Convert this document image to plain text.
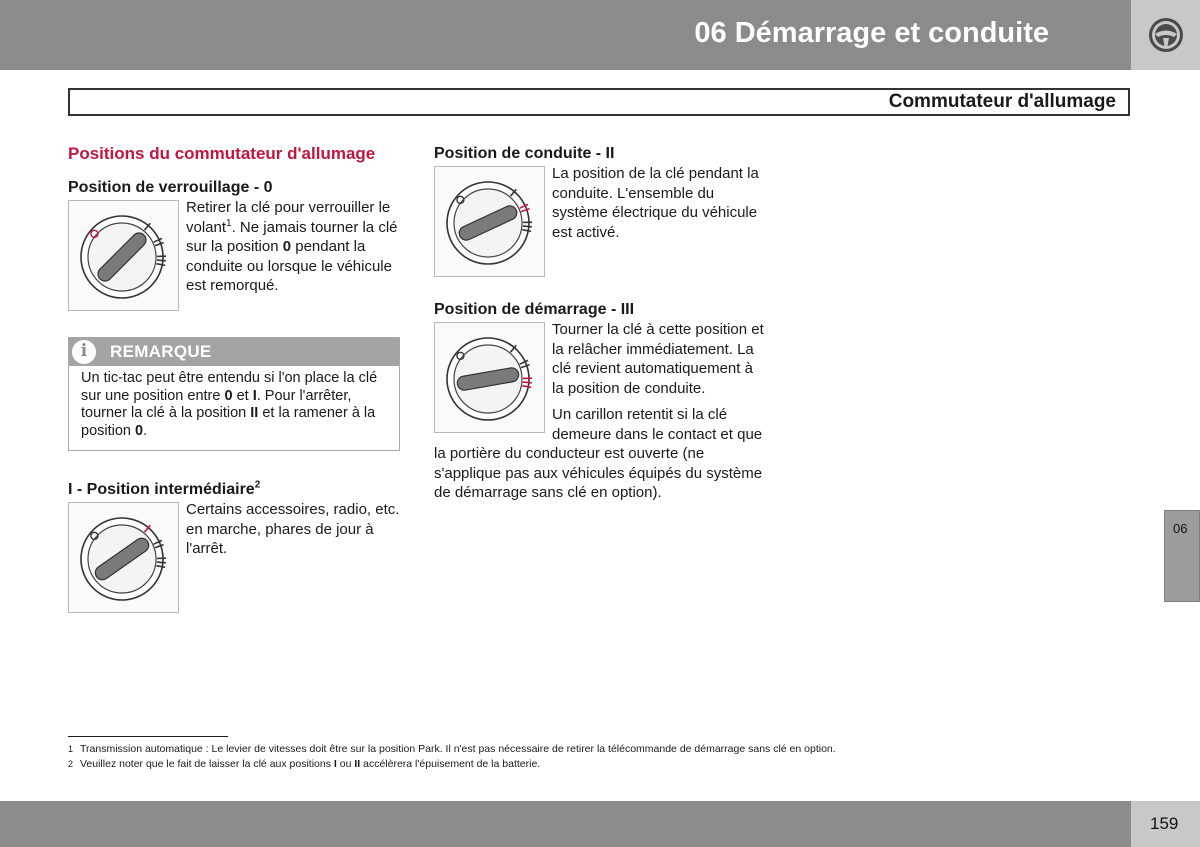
06 Démarrage et conduite
Commutateur d'allumage
Positions du commutateur d'allumage
Position de verrouillage - 0
Retirer la clé pour verrouiller le volant$^1$. Ne jamais tourner la clé sur la position 0 pendant la conduite ou lorsque le véhicule est remorqué.
i	REMARQUE
Un tic-tac peut être entendu si l'on place la clé sur une position entre 0 et I. Pour l'arrêter, tourner la clé à la position II et la ramener à la position 0.
I - Position intermédiaire$^2$
Certains accessoires, radio, etc. en marche, phares de jour à l'arrêt.
Position de conduite - II
La position de la clé pendant la conduite. L'ensemble du système électrique du véhicule est activé.
Position de démarrage - III
Tourner la clé à cette position et la relâcher immédiatement. La clé revient automatiquement à la position de conduite.
Un carillon retentit si la clé demeure dans le contact et que la portière du conducteur est ouverte (ne s'applique pas aux véhicules équipés du système de démarrage sans clé en option).
1 Transmission automatique : Le levier de vitesses doit être sur la position Park. Il n'est pas nécessaire de retirer la télécommande de démarrage sans clé en option.
2 Veuillez noter que le fait de laisser la clé aux positions I ou II accélèrera l'épuisement de la batterie.
06
159
